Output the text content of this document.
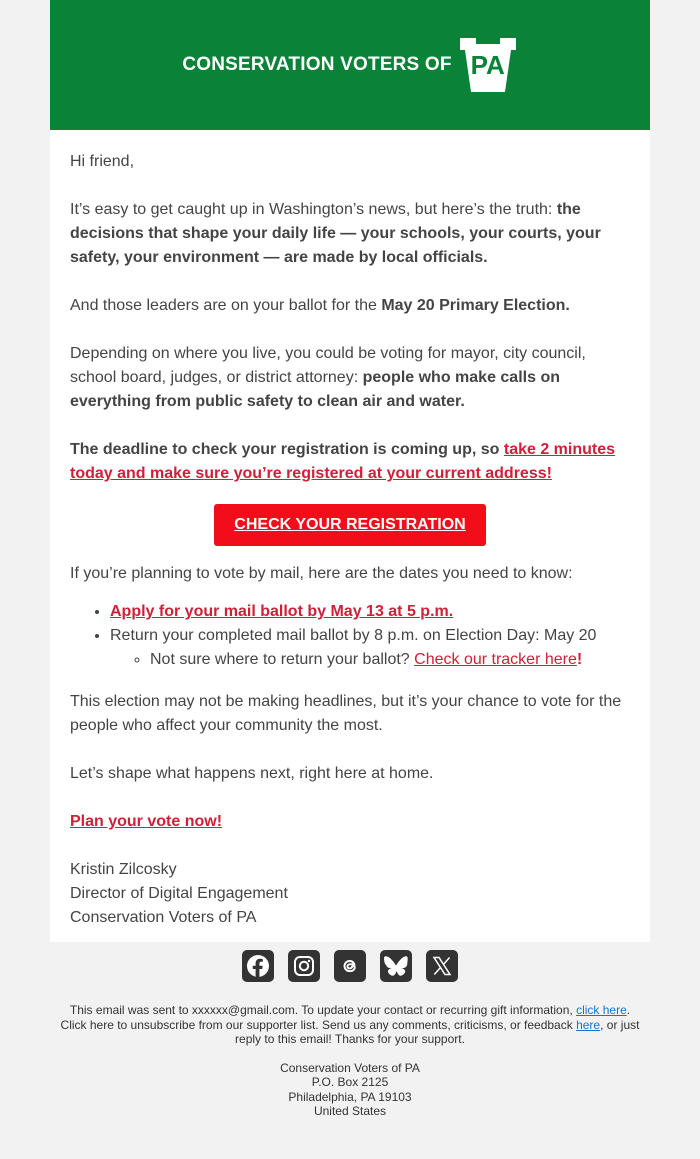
CONSERVATION VOTERS OF PA

Hi friend,

It’s easy to get caught up in Washington’s news, but here’s the truth: the decisions that shape your daily life — your schools, your courts, your safety, your environment — are made by local officials.

And those leaders are on your ballot for the May 20 Primary Election.

Depending on where you live, you could be voting for mayor, city council, school board, judges, or district attorney: people who make calls on everything from public safety to clean air and water.

The deadline to check your registration is coming up, so take 2 minutes today and make sure you’re registered at your current address!

CHECK YOUR REGISTRATION

If you’re planning to vote by mail, here are the dates you need to know:

• Apply for your mail ballot by May 13 at 5 p.m.
• Return your completed mail ballot by 8 p.m. on Election Day: May 20
◦ Not sure where to return your ballot? Check our tracker here!

This election may not be making headlines, but it’s your chance to vote for the people who affect your community the most.

Let’s shape what happens next, right here at home.

Plan your vote now!

Kristin Zilcosky
Director of Digital Engagement
Conservation Voters of PA

This email was sent to xxxxxx@gmail.com. To update your contact or recurring gift information, click here.
Click here to unsubscribe from our supporter list. Send us any comments, criticisms, or feedback here, or just reply to this email! Thanks for your support.
Conservation Voters of PA
P.O. Box 2125
Philadelphia, PA 19103
United States
